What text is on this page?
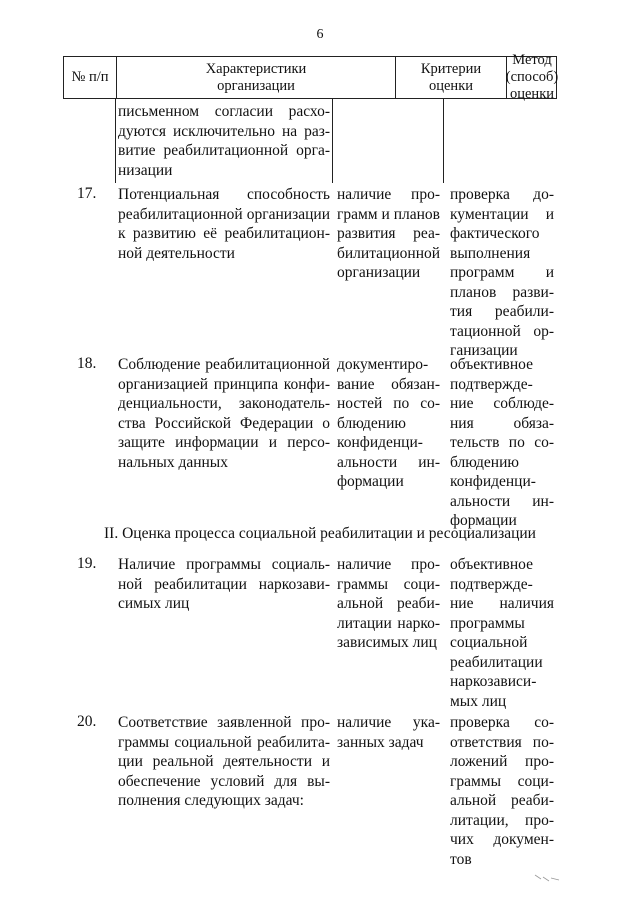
6
№ п/п
Характеристики
организации
Критерии
оценки
Метод (способ)
оценки
письменном согласии расхо-
дуются исключительно на раз-
витие реабилитационной орга-
низации
17. Потенциальная способность
реабилитационной организации
к развитию её реабилитацион-
ной деятельности
наличие про-
грамм и планов
развития реа-
билитационной
организации
проверка до-
кументации и
фактического
выполнения
программ и
планов разви-
тия реабили-
тационной ор-
ганизации
18. Соблюдение реабилитационной
организацией принципа конфи-
денциальности, законодатель-
ства Российской Федерации о
защите информации и персо-
нальных данных
документиро-
вание обязан-
ностей по со-
блюдению
конфиденци-
альности ин-
формации
объективное
подтвержде-
ние соблюде-
ния обяза-
тельств по со-
блюдению
конфиденци-
альности ин-
формации
19. Наличие программы социаль-
ной реабилитации наркозави-
симых лиц
наличие про-
граммы соци-
альной реаби-
литации нарко-
зависимых лиц
объективное
подтвержде-
ние наличия
программы
социальной
реабилитации
наркозависи-
мых лиц
20. Соответствие заявленной про-
граммы социальной реабилита-
ции реальной деятельности и
обеспечение условий для вы-
полнения следующих задач:
наличие ука-
занных задач
проверка со-
ответствия по-
ложений про-
граммы соци-
альной реаби-
литации, про-
чих докумен-
тов
II. Оценка процесса социальной реабилитации и ресоциализации
